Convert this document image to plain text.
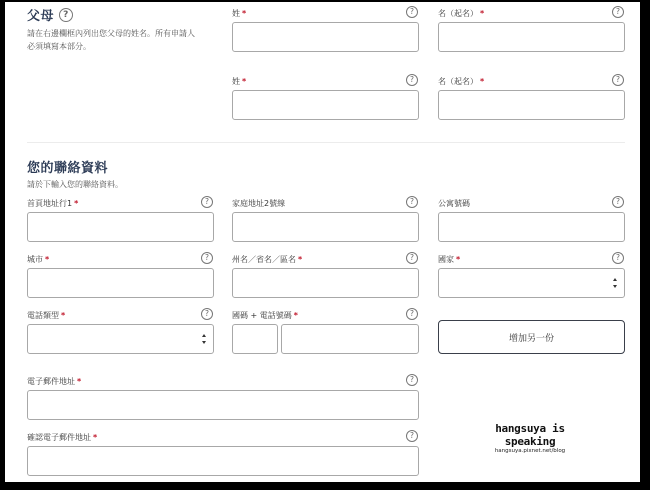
父母	?
請在右邊欄框內列出您父母的姓名。所有申請人
必須填寫本部分。
姓 *	?	名（起名） *	?
姓 *	?	名（起名） *	?
您的聯絡資料
請於下輸入您的聯絡資料。
首頁地址行1 *	?	家庭地址2號線	?	公寓號碼	?
城市 *	?	州名／省名／區名 *	?	國家 *	?
電話類型 *	?	國碼 + 電話號碼 *	?
增加另一份
電子郵件地址 *	?
確認電子郵件地址 *	?
hangsuya is speaking
hangsuya.pixnet.net/blog
